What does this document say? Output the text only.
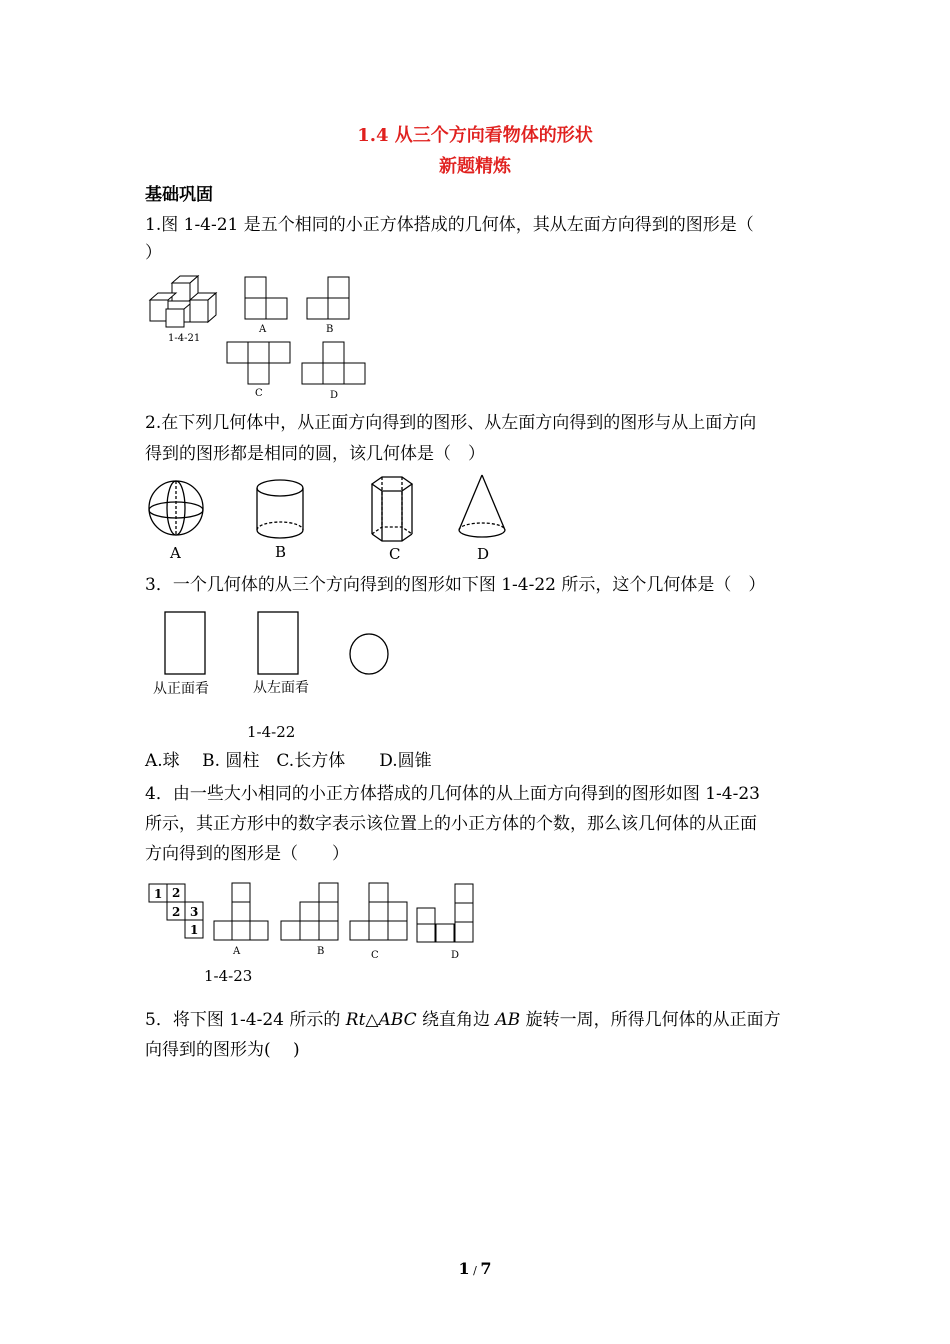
1.4 从三个方向看物体的形状
新题精炼
基础巩固
1.图 1-4-21 是五个相同的小正方体搭成的几何体，其从左面方向得到的图形是（
）
1-4-21
A	B
C	D
2.在下列几何体中，从正面方向得到的图形、从左面方向得到的图形与从上面方向
得到的图形都是相同的圆，该几何体是（　）
A	B	C	D
3．一个几何体的从三个方向得到的图形如下图 1-4-22 所示，这个几何体是（　）
从正面看	从左面看
1-4-22
A.球　 B. 圆柱　C.长方体　　D.圆锥
4．由一些大小相同的小正方体搭成的几何体的从上面方向得到的图形如图 1-4-23
所示，其正方形中的数字表示该位置上的小正方体的个数，那么该几何体的从正面
方向得到的图形是（　　）
1 2
2 3
1
1-4-23
A	B	C	D
5．将下图 1-4-24 所示的 Rt△ABC 绕直角边 AB 旋转一周，所得几何体的从正面方
向得到的图形为(　 )
1 / 7
